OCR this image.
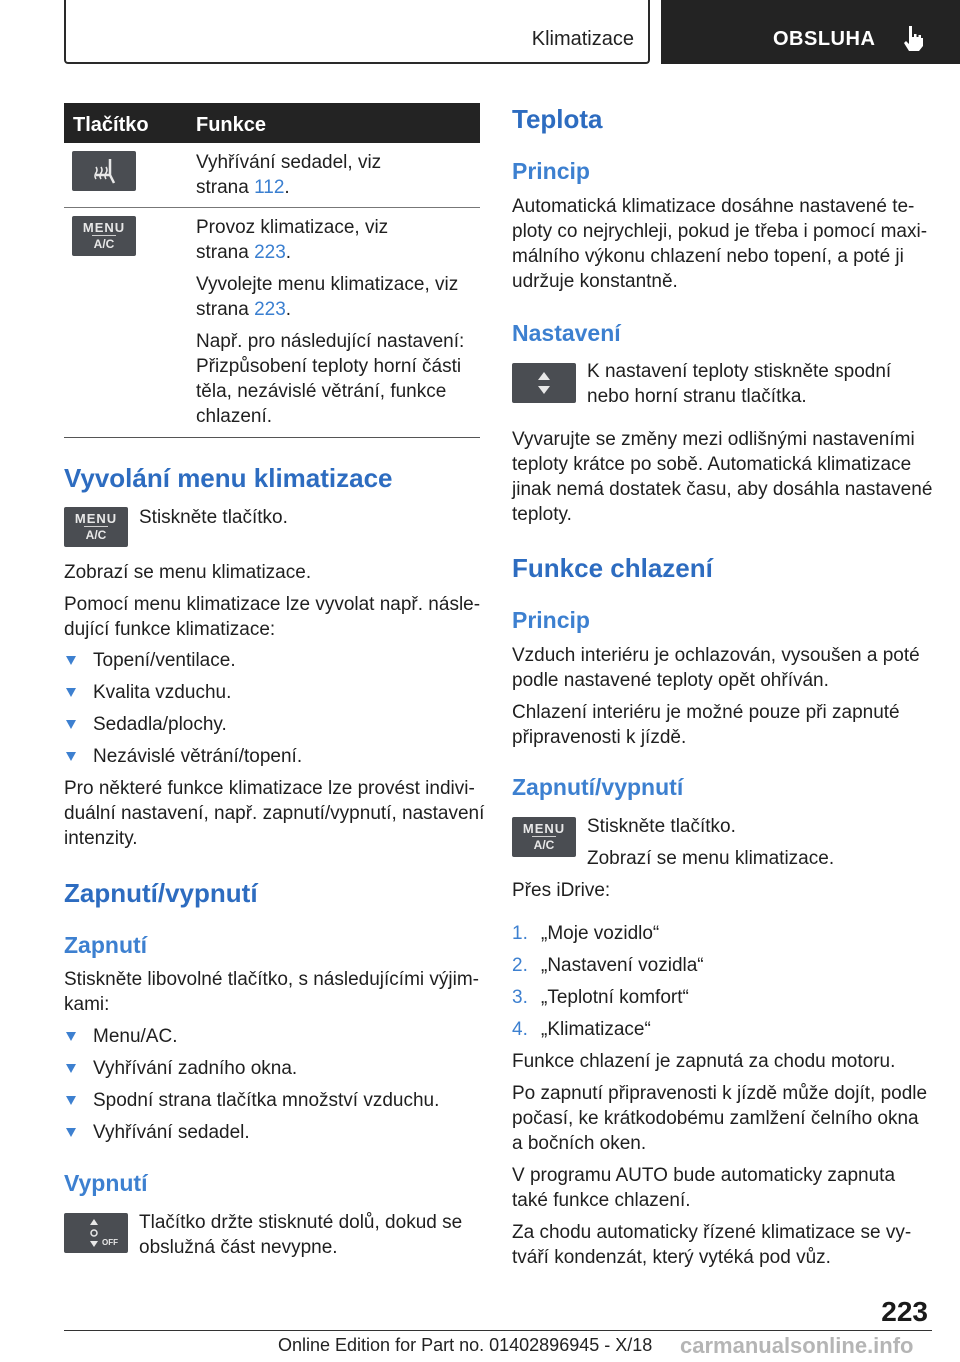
Klimatizace	OBSLUHA
Tlačítko Funkce
Vyhřívání sedadel, viz
strana 112.
MENU
A/C
Provoz klimatizace, viz
strana 223.
Vyvolejte menu klimatizace, viz
strana 223.
Např. pro následující nastavení:
Přizpůsobení teploty horní části
těla, nezávislé větrání, funkce
chlazení.
Vyvolání menu klimatizace
MENU
A/C
Stiskněte tlačítko.
Zobrazí se menu klimatizace.
Pomocí menu klimatizace lze vyvolat např. násle-
dující funkce klimatizace:
Topení/ventilace.
Kvalita vzduchu.
Sedadla/plochy.
Nezávislé větrání/topení.
Pro některé funkce klimatizace lze provést indivi-
duální nastavení, např. zapnutí/vypnutí, nastavení
intenzity.
Zapnutí/vypnutí
Zapnutí
Stiskněte libovolné tlačítko, s následujícími výjim-
kami:
Menu/AC.
Vyhřívání zadního okna.
Spodní strana tlačítka množství vzduchu.
Vyhřívání sedadel.
Vypnutí
OFF
Tlačítko držte stisknuté dolů, dokud se
obslužná část nevypne.
Teplota
Princip
Automatická klimatizace dosáhne nastavené te-
ploty co nejrychleji, pokud je třeba i pomocí maxi-
málního výkonu chlazení nebo topení, a poté ji
udržuje konstantně.
Nastavení
K nastavení teploty stiskněte spodní
nebo horní stranu tlačítka.
Vyvarujte se změny mezi odlišnými nastaveními
teploty krátce po sobě. Automatická klimatizace
jinak nemá dostatek času, aby dosáhla nastavené
teploty.
Funkce chlazení
Princip
Vzduch interiéru je ochlazován, vysoušen a poté
podle nastavené teploty opět ohříván.
Chlazení interiéru je možné pouze při zapnuté
připravenosti k jízdě.
Zapnutí/vypnutí
MENU
A/C
Stiskněte tlačítko.
Zobrazí se menu klimatizace.
Přes iDrive:
1. „Moje vozidlo“
2. „Nastavení vozidla“
3. „Teplotní komfort“
4. „Klimatizace“
Funkce chlazení je zapnutá za chodu motoru.
Po zapnutí připravenosti k jízdě může dojít, podle
počasí, ke krátkodobému zamlžení čelního okna
a bočních oken.
V programu AUTO bude automaticky zapnuta
také funkce chlazení.
Za chodu automaticky řízené klimatizace se vy-
tváří kondenzát, který vytéká pod vůz.
223
Online Edition for Part no. 01402896945 - X/18 carmanualsonline.info
